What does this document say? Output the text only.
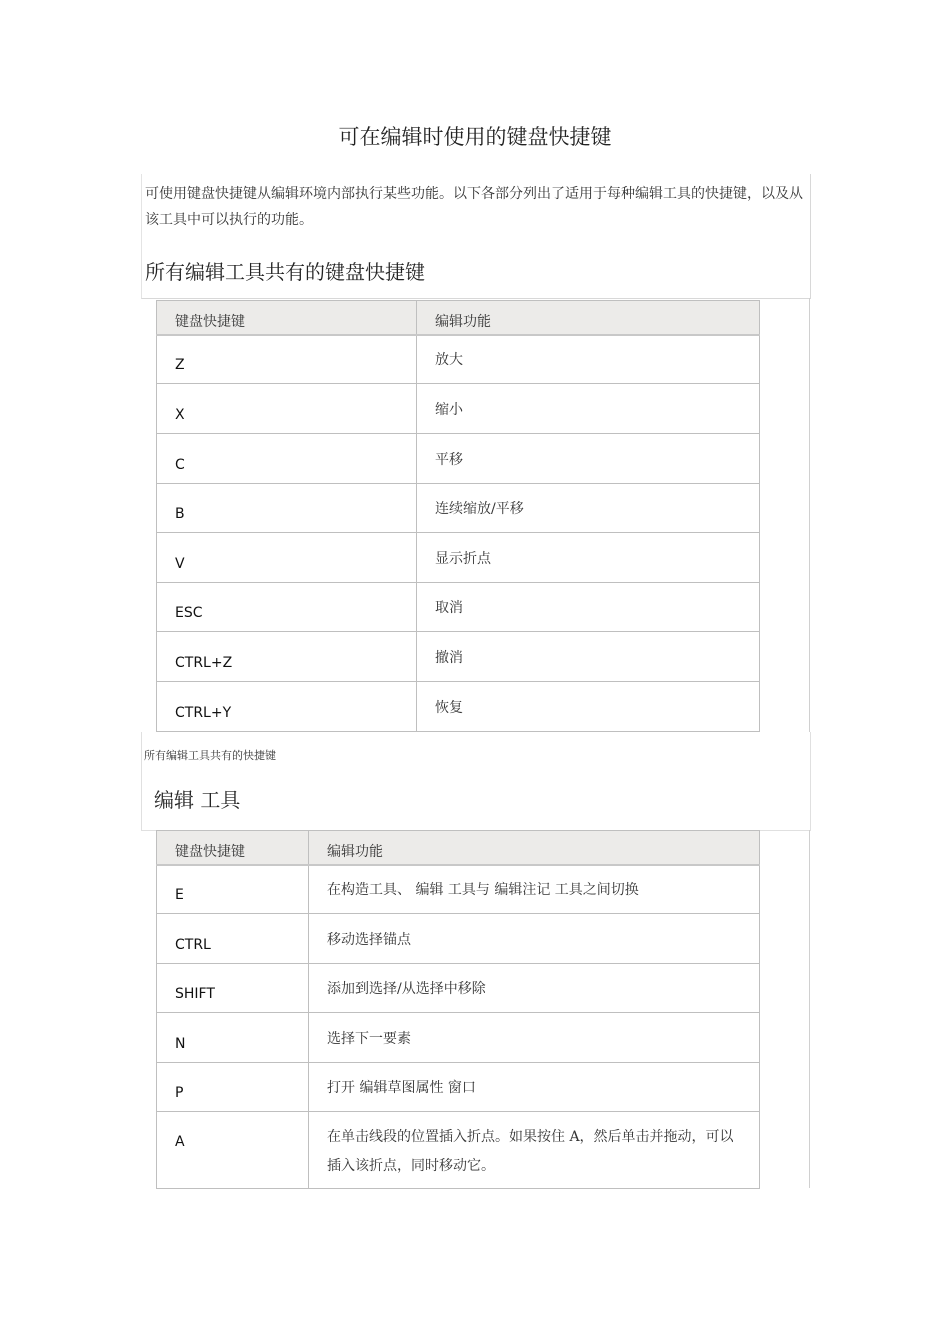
可在编辑时使用的键盘快捷键
可使用键盘快捷键从编辑环境内部执行某些功能。以下各部分列出了适用于每种编辑工具的快捷键，以及从该工具中可以执行的功能。
所有编辑工具共有的键盘快捷键
键盘快捷键	编辑功能
Z	放大
X	缩小
C	平移
B	连续缩放/平移
V	显示折点
ESC	取消
CTRL+Z	撤消
CTRL+Y	恢复
所有编辑工具共有的快捷键
编辑 工具
键盘快捷键	编辑功能
E	在构造工具、 编辑 工具与 编辑注记 工具之间切换
CTRL	移动选择锚点
SHIFT	添加到选择/从选择中移除
N	选择下一要素
P	打开 编辑草图属性 窗口
A	在单击线段的位置插入折点。如果按住 A，然后单击并拖动，可以插入该折点，同时移动它。
